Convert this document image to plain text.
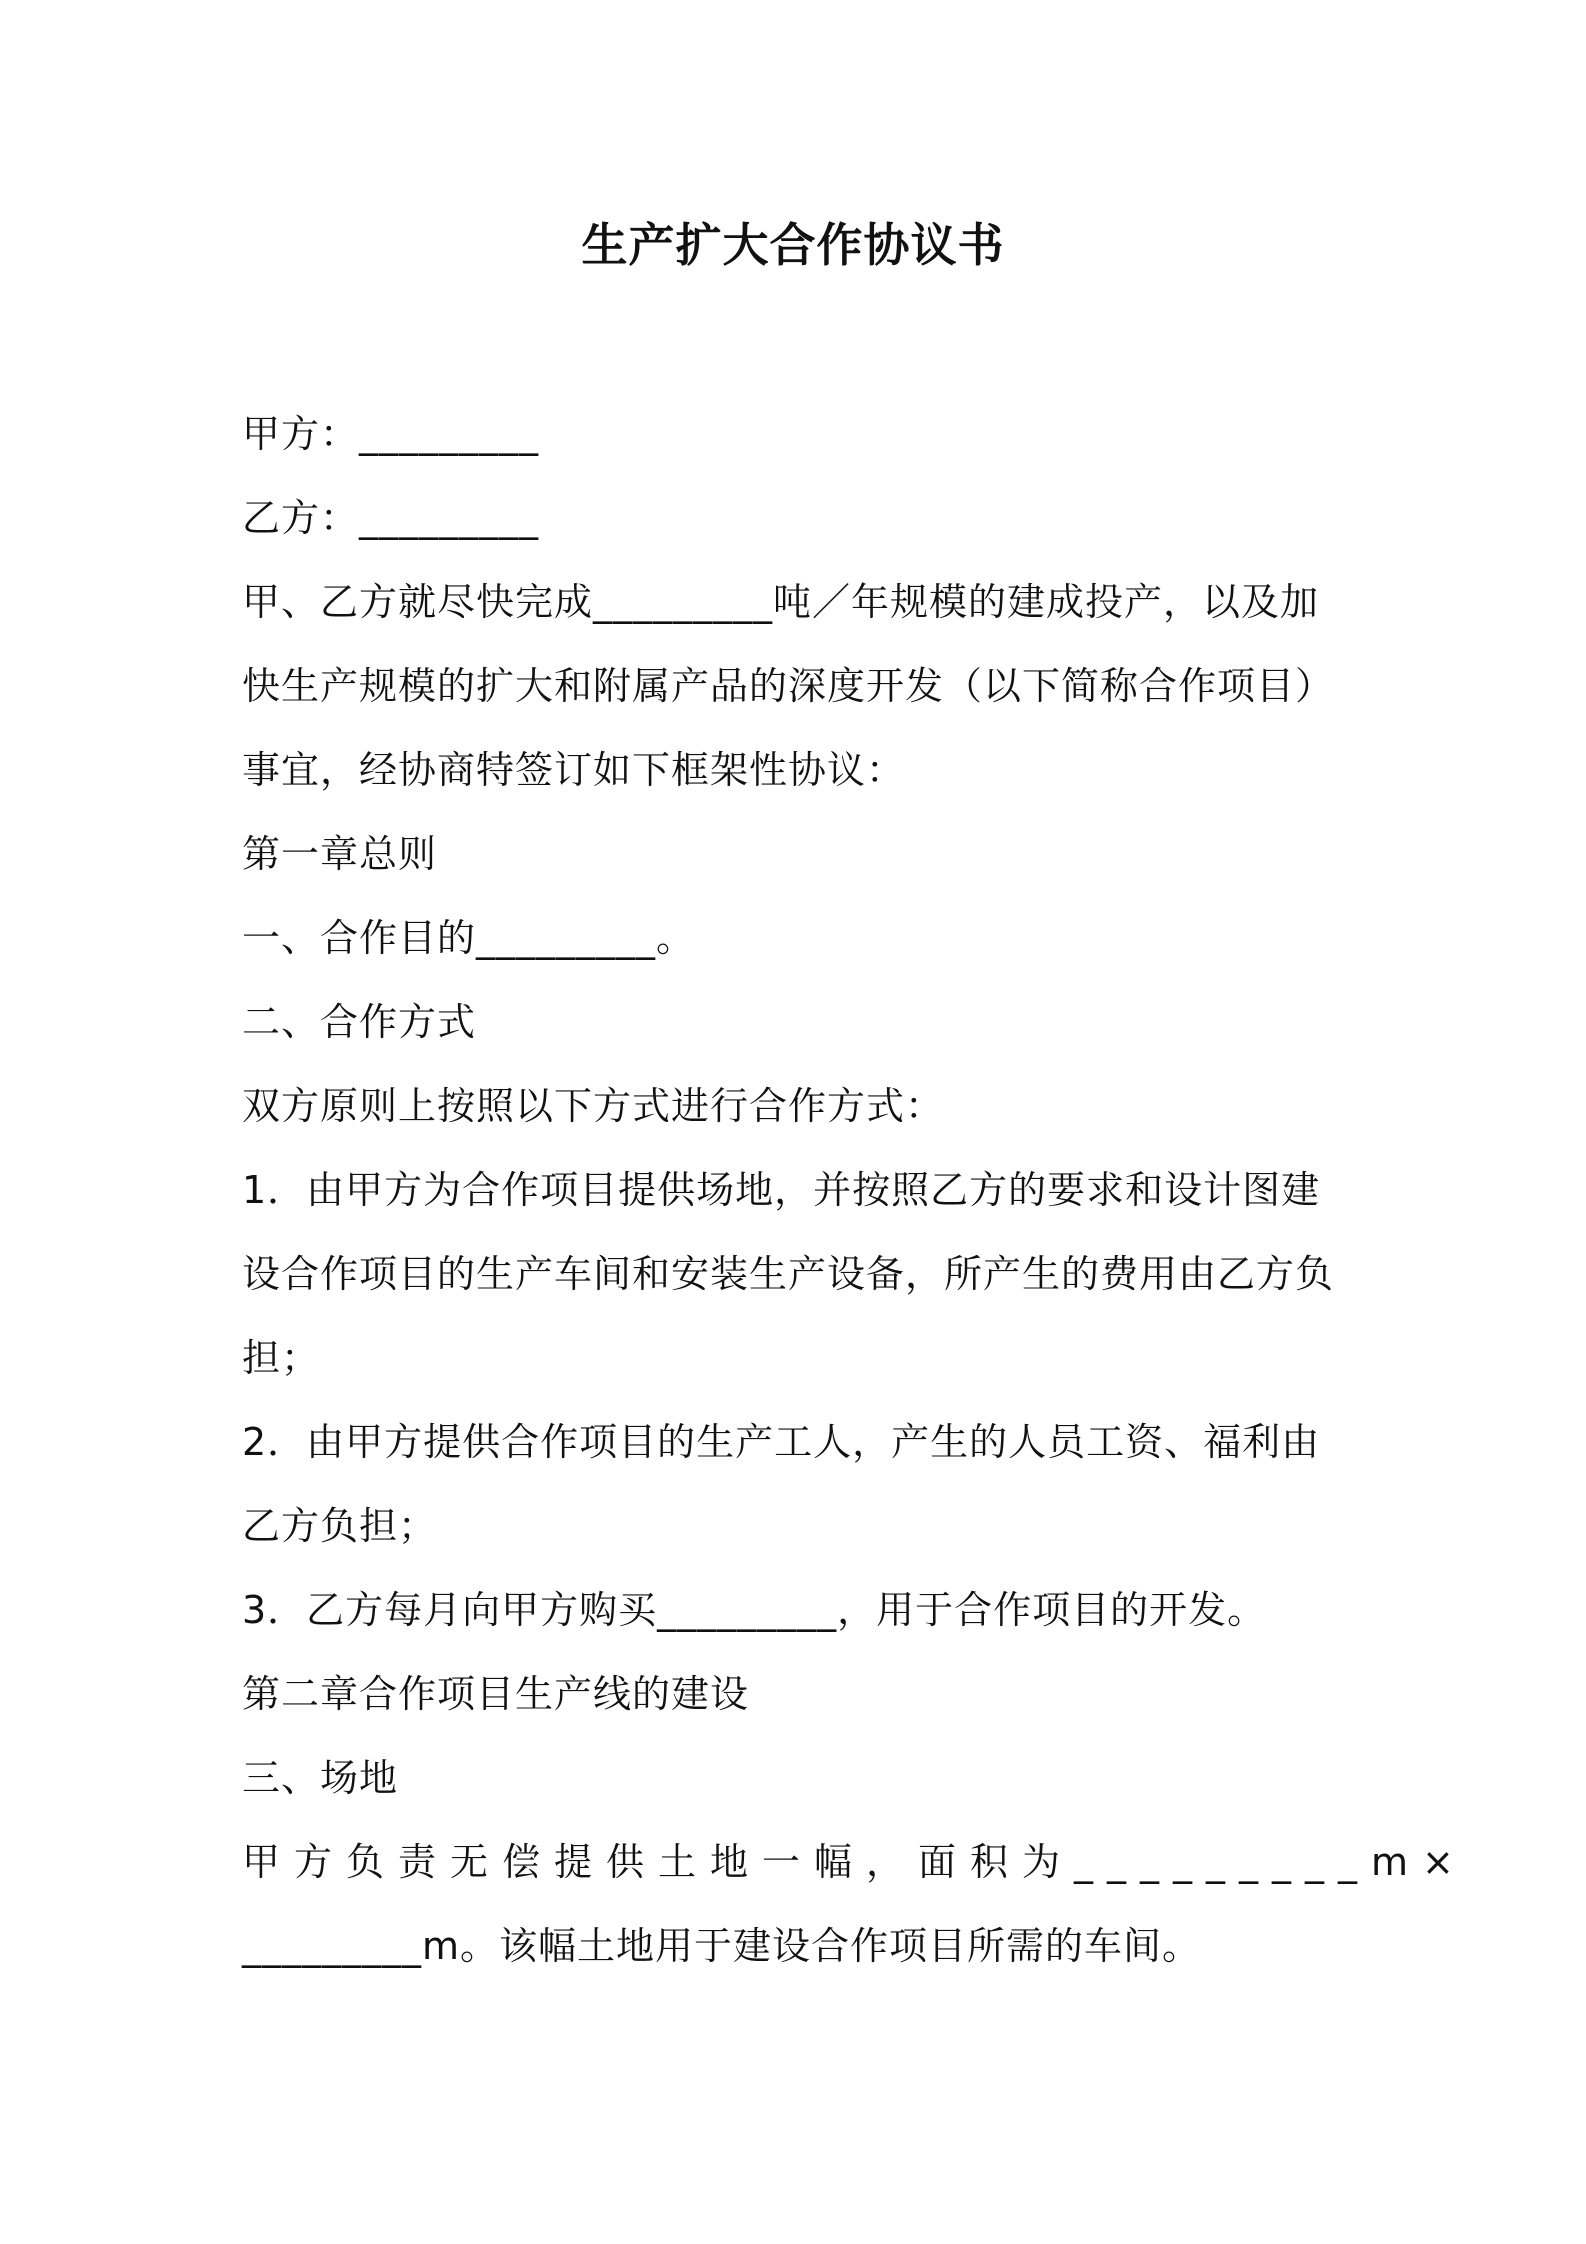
生产扩大合作协议书
甲方：_________
乙方：_________
甲、乙方就尽快完成_________吨／年规模的建成投产，以及加
快生产规模的扩大和附属产品的深度开发（以下简称合作项目）
事宜，经协商特签订如下框架性协议：
第一章总则
一、合作目的_________。
二、合作方式
双方原则上按照以下方式进行合作方式：
1．由甲方为合作项目提供场地，并按照乙方的要求和设计图建
设合作项目的生产车间和安装生产设备，所产生的费用由乙方负
担；
2．由甲方提供合作项目的生产工人，产生的人员工资、福利由
乙方负担；
3．乙方每月向甲方购买_________，用于合作项目的开发。
第二章合作项目生产线的建设
三、场地
甲方负责无偿提供土地一幅，面积为_________m×
_________m。该幅土地用于建设合作项目所需的车间。
